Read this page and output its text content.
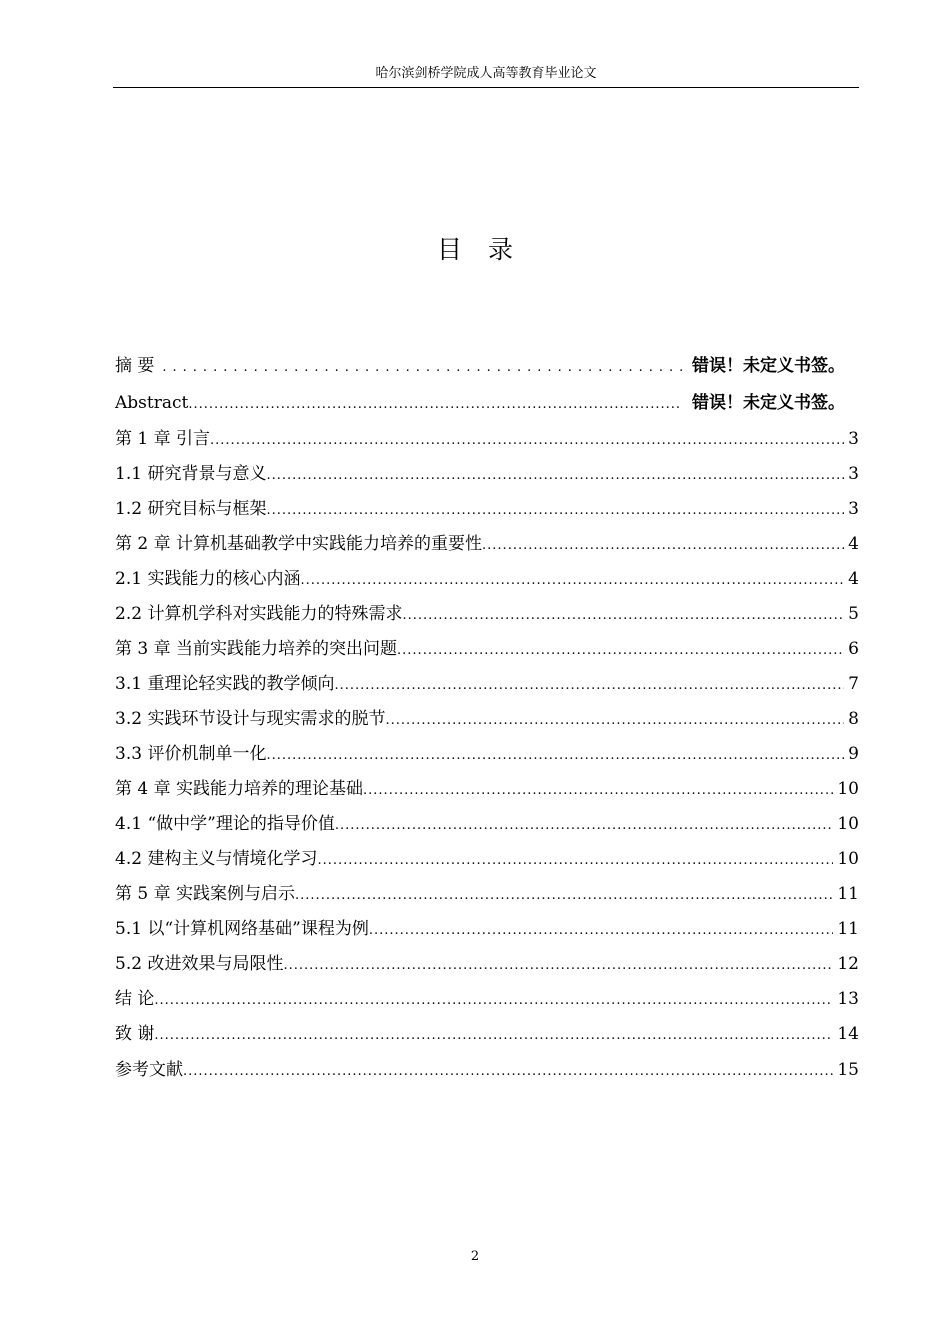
哈尔滨剑桥学院成人高等教育毕业论文
目录
摘 要 .....	错误！未定义书签。
Abstract .....	错误！未定义书签。
第 1 章 引言 .....	3
1.1 研究背景与意义 .....	3
1.2 研究目标与框架 .....	3
第 2 章 计算机基础教学中实践能力培养的重要性 .....	4
2.1 实践能力的核心内涵 .....	4
2.2 计算机学科对实践能力的特殊需求 .....	5
第 3 章 当前实践能力培养的突出问题 .....	6
3.1 重理论轻实践的教学倾向 .....	7
3.2 实践环节设计与现实需求的脱节 .....	8
3.3 评价机制单一化 .....	9
第 4 章 实践能力培养的理论基础 .....	10
4.1 “做中学”理论的指导价值 .....	10
4.2 建构主义与情境化学习 .....	10
第 5 章 实践案例与启示 .....	11
5.1 以“计算机网络基础”课程为例 .....	11
5.2 改进效果与局限性 .....	12
结 论 .....	13
致 谢 .....	14
参考文献 .....	15
2
